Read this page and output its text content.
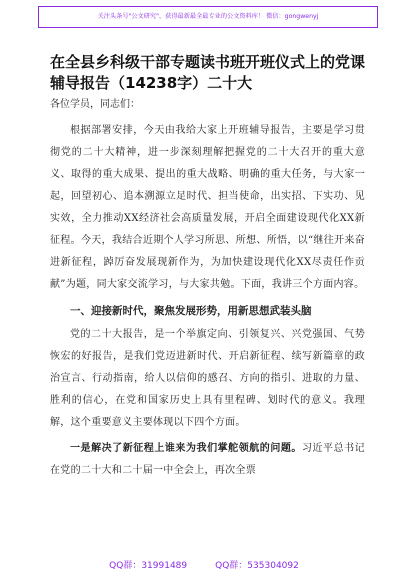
关注头条号"公文研究"，获得最新最全最专业的公文资料库！ 微信：gongwenyj
在全县乡科级干部专题读书班开班仪式上的党课辅导报告（14238字）二十大
各位学员，同志们：

根据部署安排，今天由我给大家上开班辅导报告，主要是学习贯彻党的二十大精神，进一步深刻理解把握党的二十大召开的重大意义、取得的重大成果、提出的重大战略、明确的重大任务，与大家一起，回望初心、追本溯源立足时代、担当使命，出实招、下实功、见实效，全力推动XX经济社会高质量发展，开启全面建设现代化XX新征程。今天，我结合近期个人学习所思、所想、所悟，以“继往开来奋进新征程，踔厉奋发展现新作为，为加快建设现代化XX尽责任作贡献”为题，同大家交流学习，与大家共勉。下面，我讲三个方面内容。

一、迎接新时代，聚焦发展形势，用新思想武装头脑

党的二十大报告，是一个举旗定向、引领复兴、兴党强国、气势恢宏的好报告，是我们党迈进新时代、开启新征程、续写新篇章的政治宣言、行动指南，给人以信仰的感召、方向的指引、进取的力量、胜利的信心，在党和国家历史上具有里程碑、划时代的意义。我理解，这个重要意义主要体现以下四个方面。

一是解决了新征程上谁来为我们掌舵领航的问题。习近平总书记在党的二十大和二十届一中全会上，再次全票

QQ群：31991489	QQ群：535304092
